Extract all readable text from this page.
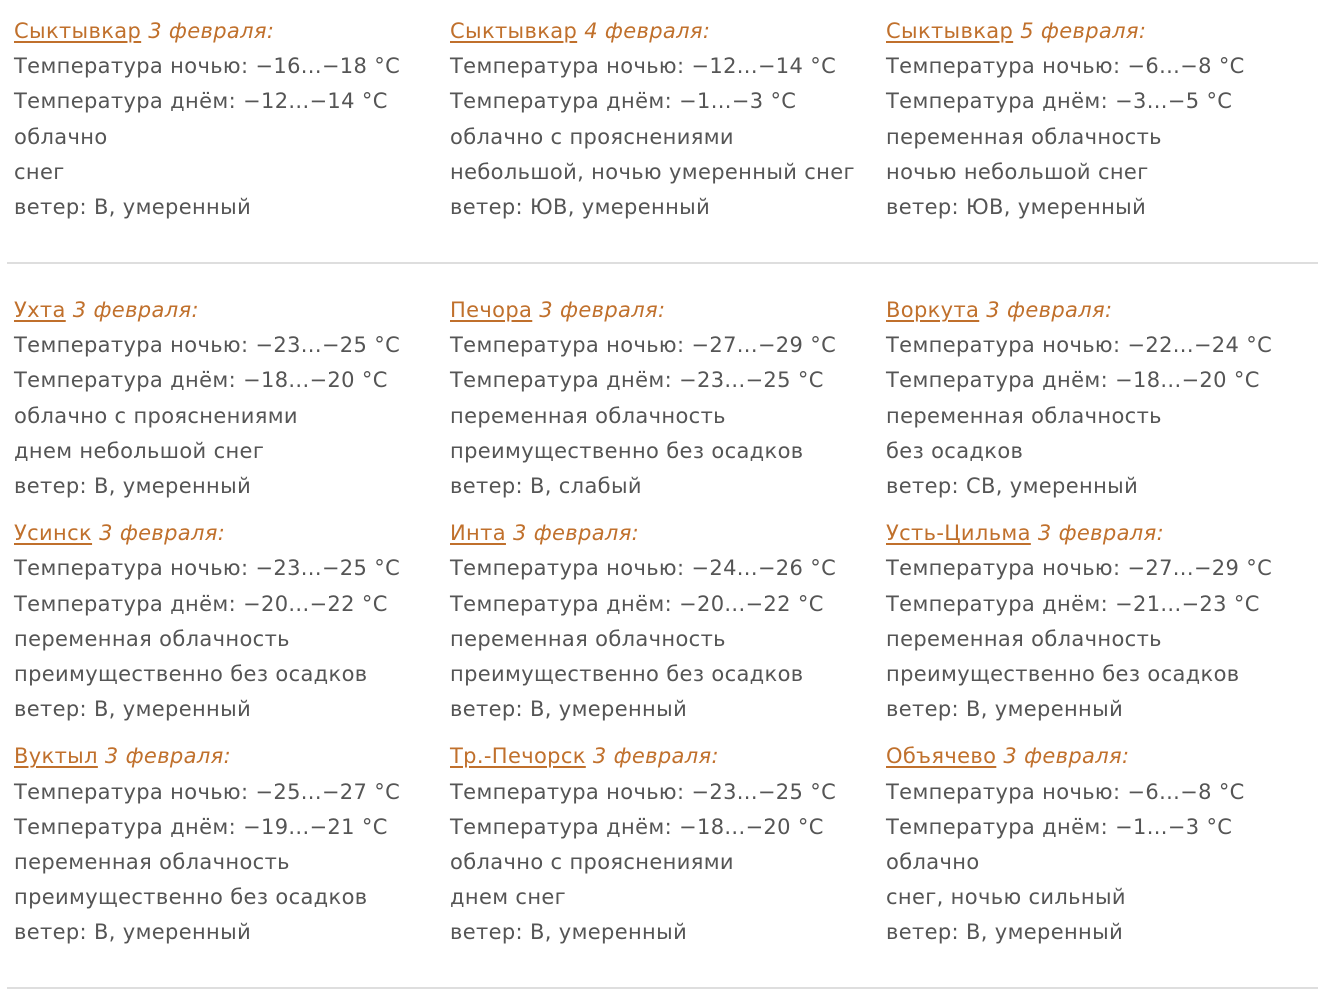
Сыктывкар 3 февраля:
Температура ночью: −16...−18 °C
Температура днём: −12...−14 °C
облачно
снег
ветер: В, умеренный
Сыктывкар 4 февраля:
Температура ночью: −12...−14 °C
Температура днём: −1...−3 °C
облачно с прояснениями
небольшой, ночью умеренный снег
ветер: ЮВ, умеренный
Сыктывкар 5 февраля:
Температура ночью: −6...−8 °C
Температура днём: −3...−5 °C
переменная облачность
ночью небольшой снег
ветер: ЮВ, умеренный
Ухта 3 февраля:
Температура ночью: −23...−25 °C
Температура днём: −18...−20 °C
облачно с прояснениями
днем небольшой снег
ветер: В, умеренный
Печора 3 февраля:
Температура ночью: −27...−29 °C
Температура днём: −23...−25 °C
переменная облачность
преимущественно без осадков
ветер: В, слабый
Воркута 3 февраля:
Температура ночью: −22...−24 °C
Температура днём: −18...−20 °C
переменная облачность
без осадков
ветер: СВ, умеренный
Усинск 3 февраля:
Температура ночью: −23...−25 °C
Температура днём: −20...−22 °C
переменная облачность
преимущественно без осадков
ветер: В, умеренный
Инта 3 февраля:
Температура ночью: −24...−26 °C
Температура днём: −20...−22 °C
переменная облачность
преимущественно без осадков
ветер: В, умеренный
Усть-Цильма 3 февраля:
Температура ночью: −27...−29 °C
Температура днём: −21...−23 °C
переменная облачность
преимущественно без осадков
ветер: В, умеренный
Вуктыл 3 февраля:
Температура ночью: −25...−27 °C
Температура днём: −19...−21 °C
переменная облачность
преимущественно без осадков
ветер: В, умеренный
Тр.-Печорск 3 февраля:
Температура ночью: −23...−25 °C
Температура днём: −18...−20 °C
облачно с прояснениями
днем снег
ветер: В, умеренный
Объячево 3 февраля:
Температура ночью: −6...−8 °C
Температура днём: −1...−3 °C
облачно
снег, ночью сильный
ветер: В, умеренный
